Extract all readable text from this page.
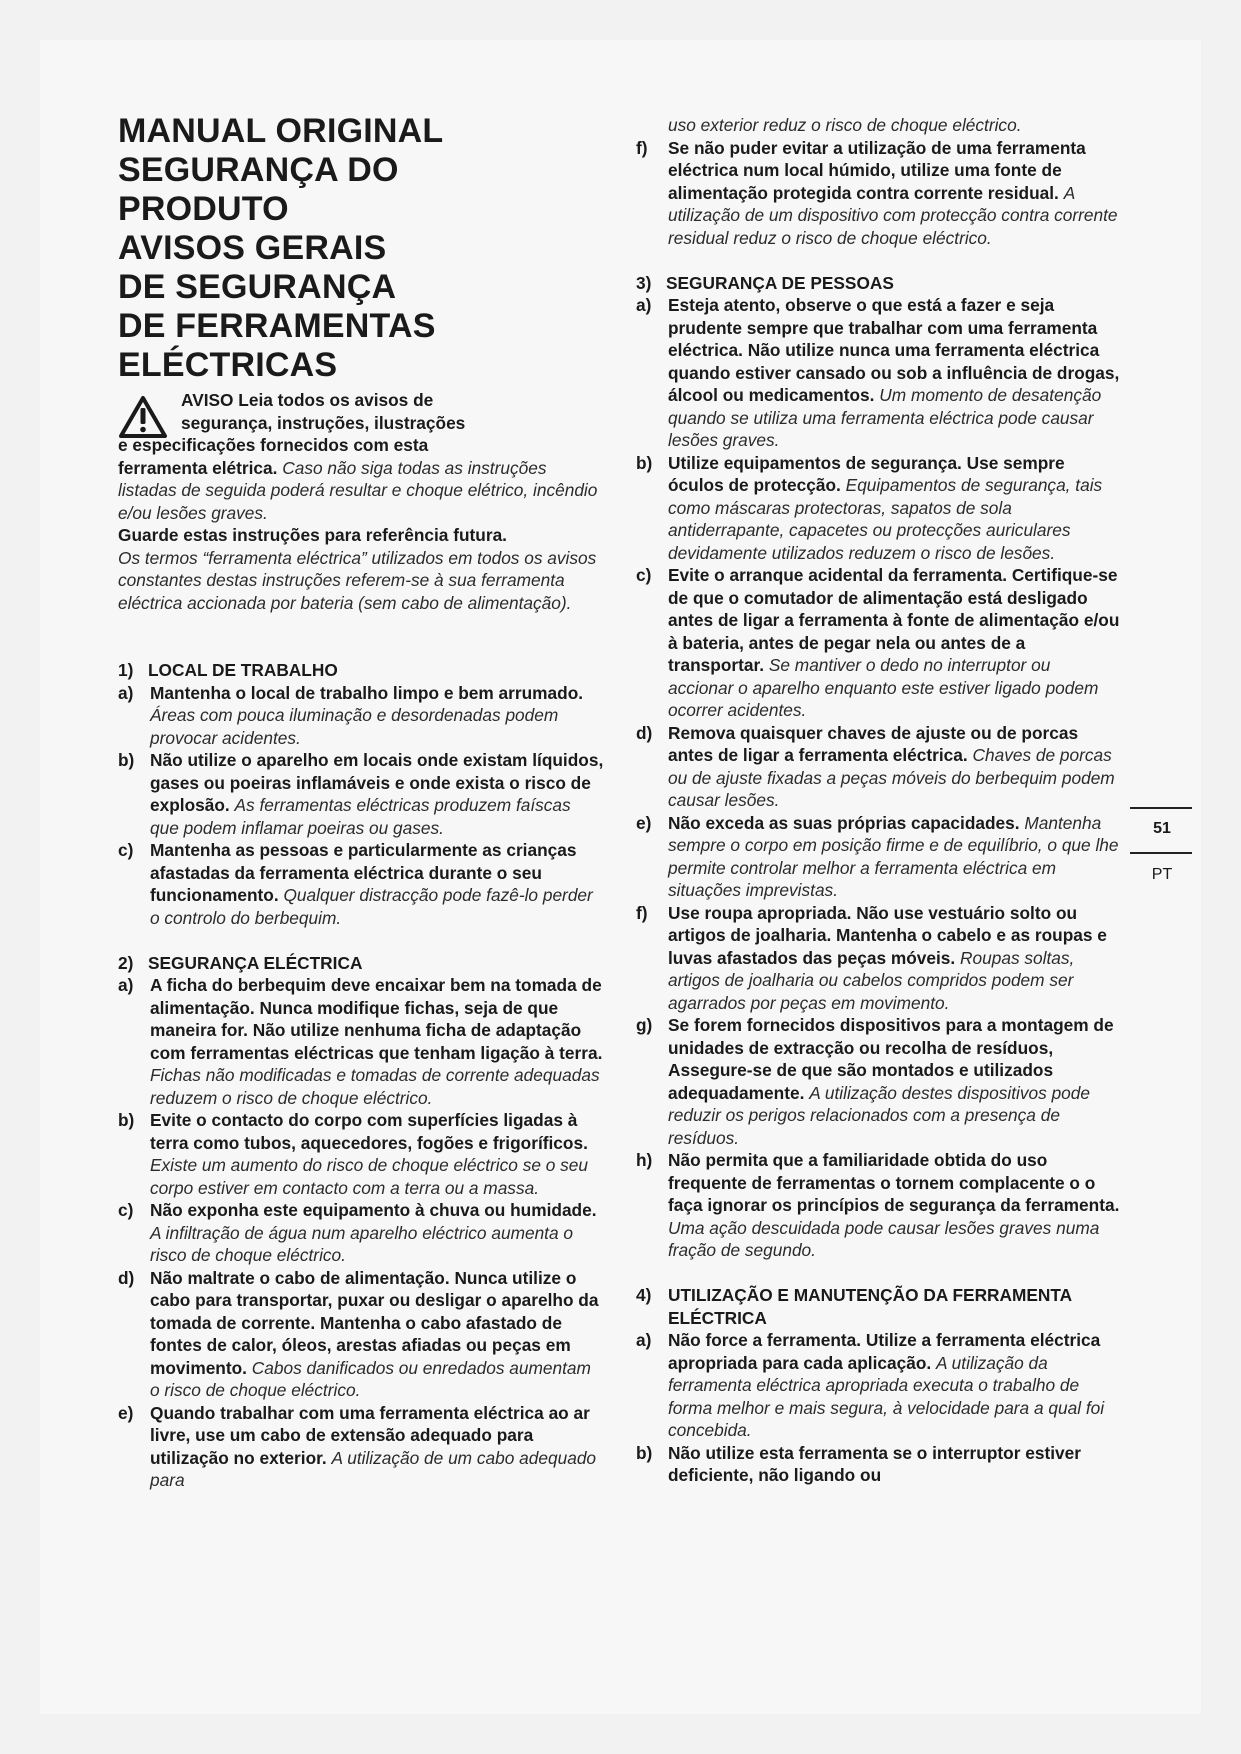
MANUAL ORIGINAL
SEGURANÇA DO
PRODUTO
AVISOS GERAIS
DE SEGURANÇA
DE FERRAMENTAS
ELÉCTRICAS
AVISO Leia todos os avisos de
segurança, instruções, ilustrações
e especificações fornecidos com esta

ferramenta elétrica. Caso não siga todas as instruções listadas de seguida poderá resultar e choque elétrico, incêndio e/ou lesões graves.

Guarde estas instruções para referência futura.

Os termos “ferramenta eléctrica” utilizados em todos os avisos constantes destas instruções referem-se à sua ferramenta eléctrica accionada por bateria (sem cabo de alimentação).

1) LOCAL DE TRABALHO
a) Mantenha o local de trabalho limpo e bem arrumado. Áreas com pouca iluminação e desordenadas podem provocar acidentes.
b) Não utilize o aparelho em locais onde existam líquidos, gases ou poeiras inflamáveis e onde exista o risco de explosão. As ferramentas eléctricas produzem faíscas que podem inflamar poeiras ou gases.
c) Mantenha as pessoas e particularmente as crianças afastadas da ferramenta eléctrica durante o seu funcionamento. Qualquer distracção pode fazê-lo perder o controlo do berbequim.
2) SEGURANÇA ELÉCTRICA
a) A ficha do berbequim deve encaixar bem na tomada de alimentação. Nunca modifique fichas, seja de que maneira for. Não utilize nenhuma ficha de adaptação com ferramentas eléctricas que tenham ligação à terra. Fichas não modificadas e tomadas de corrente adequadas reduzem o risco de choque eléctrico.
b) Evite o contacto do corpo com superfícies ligadas à terra como tubos, aquecedores, fogões e frigoríficos. Existe um aumento do risco de choque eléctrico se o seu corpo estiver em contacto com a terra ou a massa.
c) Não exponha este equipamento à chuva ou humidade. A infiltração de água num aparelho eléctrico aumenta o risco de choque eléctrico.
d) Não maltrate o cabo de alimentação. Nunca utilize o cabo para transportar, puxar ou desligar o aparelho da tomada de corrente. Mantenha o cabo afastado de fontes de calor, óleos, arestas afiadas ou peças em movimento. Cabos danificados ou enredados aumentam o risco de choque eléctrico.
e) Quando trabalhar com uma ferramenta eléctrica ao ar livre, use um cabo de extensão adequado para utilização no exterior. A utilização de um cabo adequado para
uso exterior reduz o risco de choque eléctrico.
f) Se não puder evitar a utilização de uma ferramenta eléctrica num local húmido, utilize uma fonte de alimentação protegida contra corrente residual. A utilização de um dispositivo com protecção contra corrente residual reduz o risco de choque eléctrico.
3) SEGURANÇA DE PESSOAS
a) Esteja atento, observe o que está a fazer e seja prudente sempre que trabalhar com uma ferramenta eléctrica. Não utilize nunca uma ferramenta eléctrica quando estiver cansado ou sob a influência de drogas, álcool ou medicamentos. Um momento de desatenção quando se utiliza uma ferramenta eléctrica pode causar lesões graves.
b) Utilize equipamentos de segurança. Use sempre óculos de protecção. Equipamentos de segurança, tais como máscaras protectoras, sapatos de sola antiderrapante, capacetes ou protecções auriculares devidamente utilizados reduzem o risco de lesões.
c) Evite o arranque acidental da ferramenta. Certifique-se de que o comutador de alimentação está desligado antes de ligar a ferramenta à fonte de alimentação e/ou à bateria, antes de pegar nela ou antes de a transportar. Se mantiver o dedo no interruptor ou accionar o aparelho enquanto este estiver ligado podem ocorrer acidentes.
d) Remova quaisquer chaves de ajuste ou de porcas antes de ligar a ferramenta eléctrica. Chaves de porcas ou de ajuste fixadas a peças móveis do berbequim podem causar lesões.
e) Não exceda as suas próprias capacidades. Mantenha sempre o corpo em posição firme e de equilíbrio, o que lhe permite controlar melhor a ferramenta eléctrica em situações imprevistas.
f) Use roupa apropriada. Não use vestuário solto ou artigos de joalharia. Mantenha o cabelo e as roupas e luvas afastados das peças móveis. Roupas soltas, artigos de joalharia ou cabelos compridos podem ser agarrados por peças em movimento.
g) Se forem fornecidos dispositivos para a montagem de unidades de extracção ou recolha de resíduos, Assegure-se de que são montados e utilizados adequadamente. A utilização destes dispositivos pode reduzir os perigos relacionados com a presença de resíduos.
h) Não permita que a familiaridade obtida do uso frequente de ferramentas o tornem complacente o o faça ignorar os princípios de segurança da ferramenta. Uma ação descuidada pode causar lesões graves numa fração de segundo.
4) UTILIZAÇÃO E MANUTENÇÃO DA FERRAMENTA ELÉCTRICA
a) Não force a ferramenta. Utilize a ferramenta eléctrica apropriada para cada aplicação. A utilização da ferramenta eléctrica apropriada executa o trabalho de forma melhor e mais segura, à velocidade para a qual foi concebida.
b) Não utilize esta ferramenta se o interruptor estiver deficiente, não ligando ou
51
PT
